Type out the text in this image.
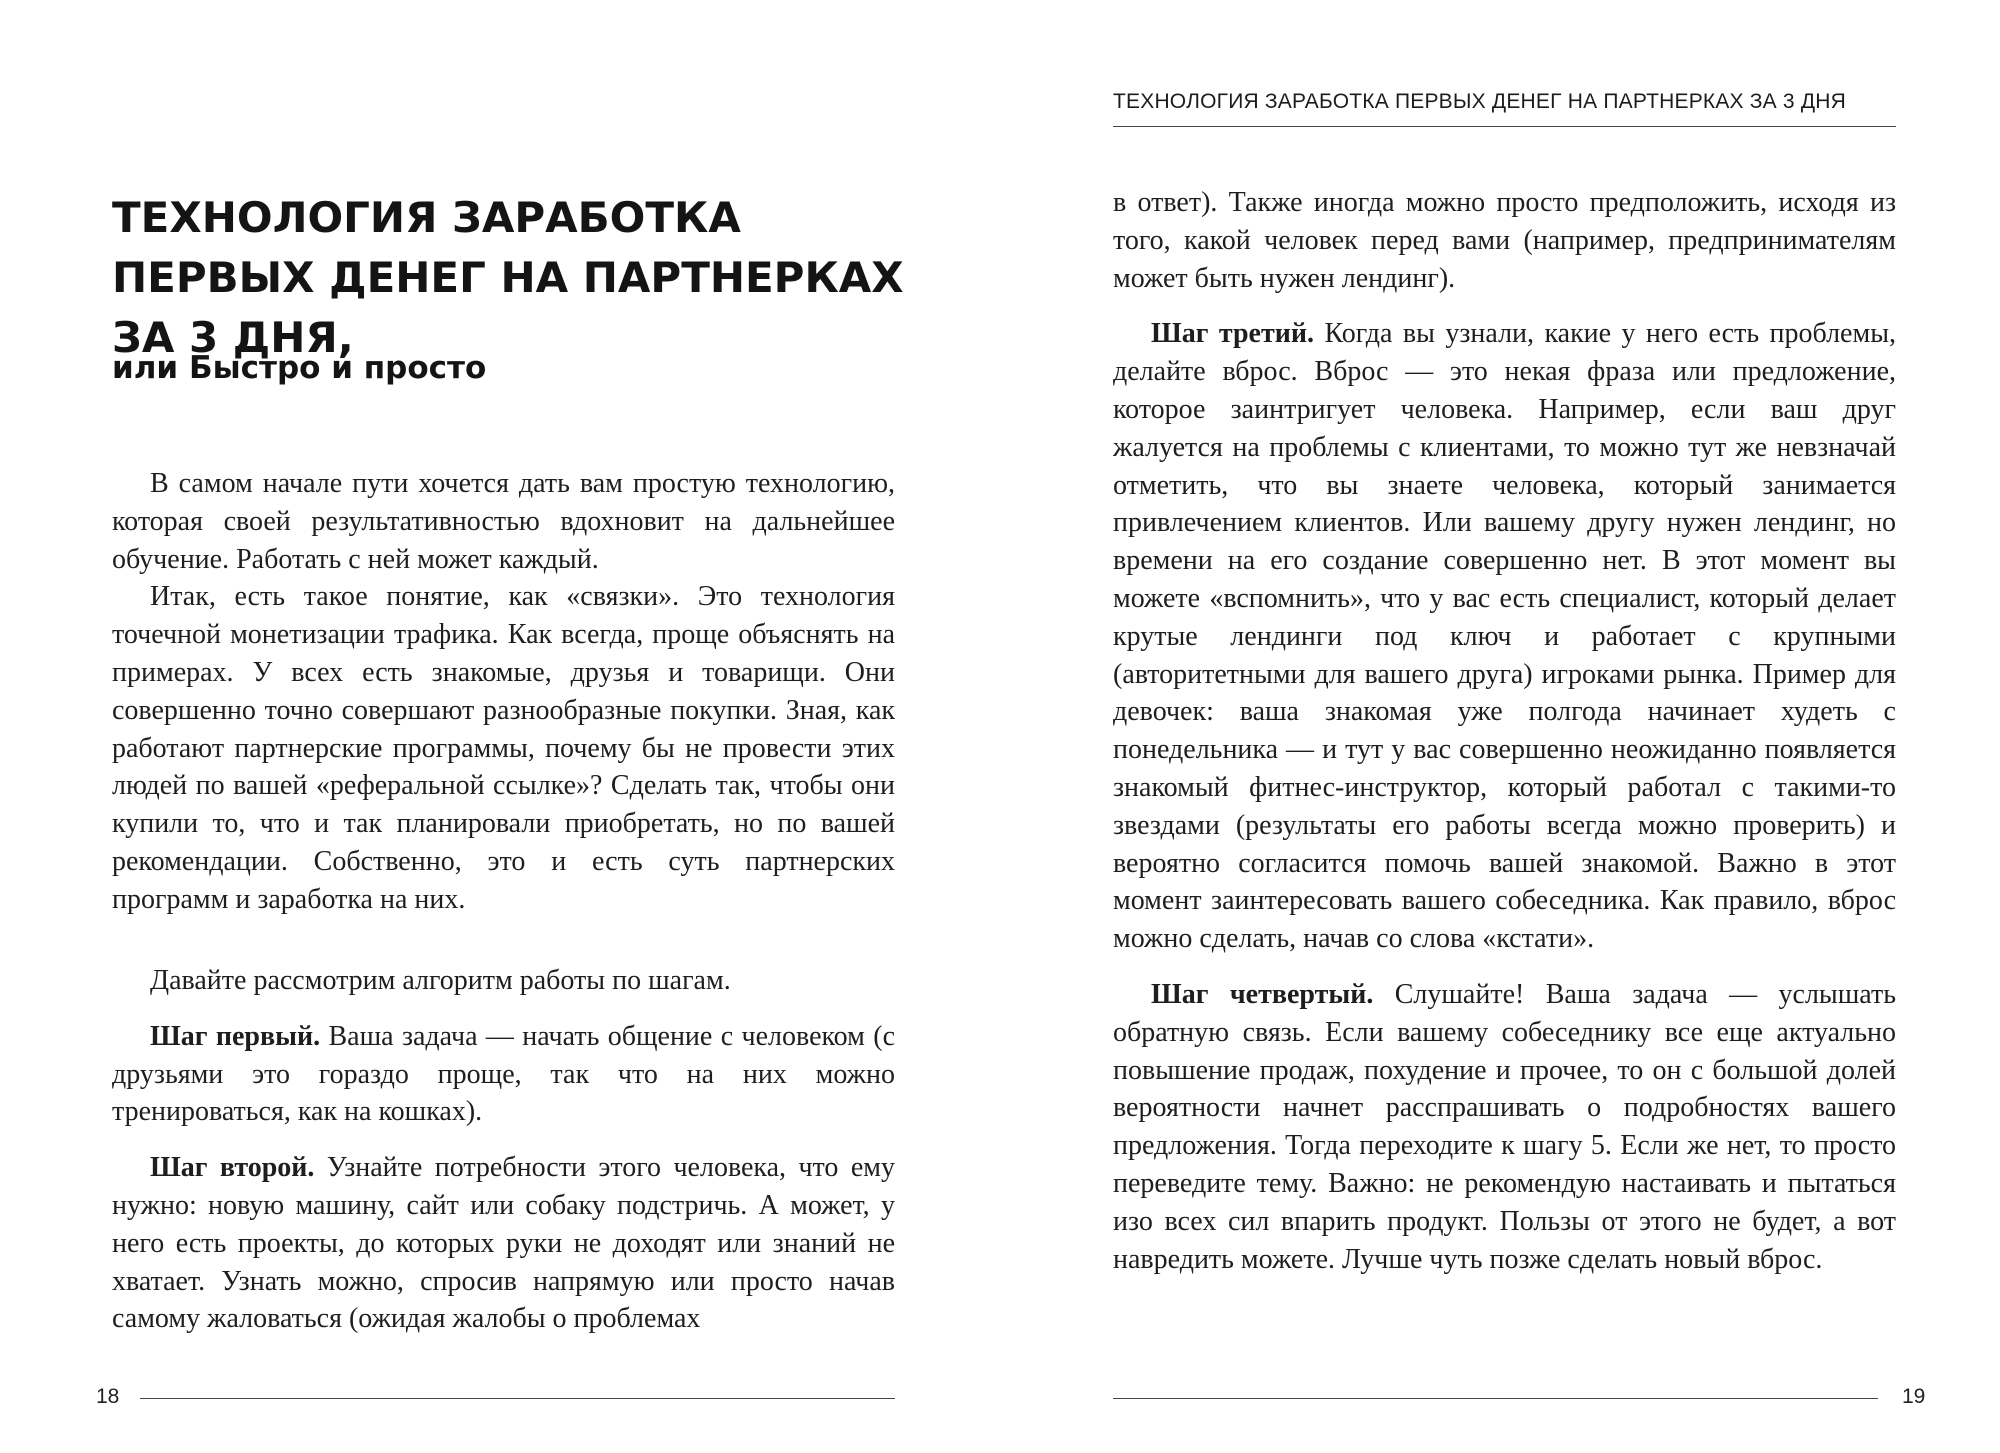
ТЕХНОЛОГИЯ ЗАРАБОТКА
ПЕРВЫХ ДЕНЕГ НА ПАРТНЕРКАХ
ЗА 3 ДНЯ,
или Быстро и просто

В самом начале пути хочется дать вам простую технологию, которая своей результативностью вдохновит на дальнейшее обучение. Работать с ней может каждый.

Итак, есть такое понятие, как «связки». Это технология точечной монетизации трафика. Как всегда, проще объяснять на примерах. У всех есть знакомые, друзья и товарищи. Они совершенно точно совершают разнообразные покупки. Зная, как работают партнерские программы, почему бы не провести этих людей по вашей «реферальной ссылке»? Сделать так, чтобы они купили то, что и так планировали приобретать, но по вашей рекомендации. Собственно, это и есть суть партнерских программ и заработка на них.

Давайте рассмотрим алгоритм работы по шагам.

Шаг первый. Ваша задача — начать общение с человеком (с друзьями это гораздо проще, так что на них можно тренироваться, как на кошках).

Шаг второй. Узнайте потребности этого человека, что ему нужно: новую машину, сайт или собаку подстричь. А может, у него есть проекты, до которых руки не доходят или знаний не хватает. Узнать можно, спросив напрямую или просто начав самому жаловаться (ожидая жалобы о проблемах

18
ТЕХНОЛОГИЯ ЗАРАБОТКА ПЕРВЫХ ДЕНЕГ НА ПАРТНЕРКАХ ЗА 3 ДНЯ

в ответ). Также иногда можно просто предположить, исходя из того, какой человек перед вами (например, предпринимателям может быть нужен лендинг).

Шаг третий. Когда вы узнали, какие у него есть проблемы, делайте вброс. Вброс — это некая фраза или предложение, которое заинтригует человека. Например, если ваш друг жалуется на проблемы с клиентами, то можно тут же невзначай отметить, что вы знаете человека, который занимается привлечением клиентов. Или вашему другу нужен лендинг, но времени на его создание совершенно нет. В этот момент вы можете «вспомнить», что у вас есть специалист, который делает крутые лендинги под ключ и работает с крупными (авторитетными для вашего друга) игроками рынка. Пример для девочек: ваша знакомая уже полгода начинает худеть с понедельника — и тут у вас совершенно неожиданно появляется знакомый фитнес-инструктор, который работал с такими-то звездами (результаты его работы всегда можно проверить) и вероятно согласится помочь вашей знакомой. Важно в этот момент заинтересовать вашего собеседника. Как правило, вброс можно сделать, начав со слова «кстати».

Шаг четвертый. Слушайте! Ваша задача — услышать обратную связь. Если вашему собеседнику все еще актуально повышение продаж, похудение и прочее, то он с большой долей вероятности начнет расспрашивать о подробностях вашего предложения. Тогда переходите к шагу 5. Если же нет, то просто переведите тему. Важно: не рекомендую настаивать и пытаться изо всех сил впарить продукт. Пользы от этого не будет, а вот навредить можете. Лучше чуть позже сделать новый вброс.

19
